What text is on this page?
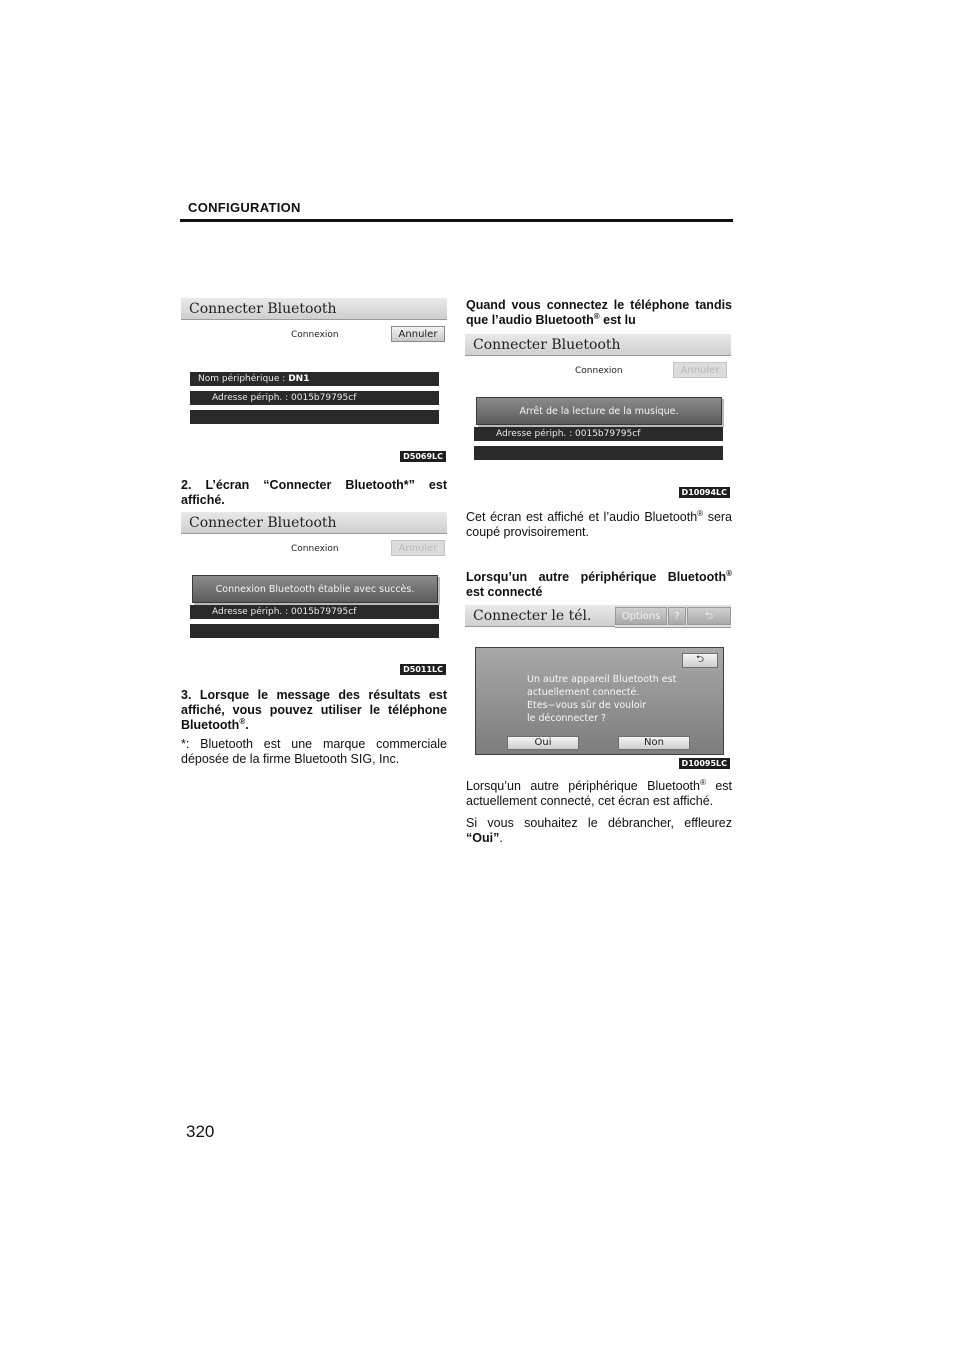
CONFIGURATION
Connecter Bluetooth
Connexion	Annuler
Nom périphérique : DN1
Adresse périph. : 0015b79795cf
D5069LC
2. L’écran “Connecter Bluetooth*” est affiché.
Connecter Bluetooth
Connexion	Annuler
Connexion Bluetooth établie avec succès.
Adresse périph. : 0015b79795cf
D5011LC
3. Lorsque le message des résultats est affiché, vous pouvez utiliser le téléphone Bluetooth®.
*: Bluetooth est une marque commerciale déposée de la firme Bluetooth SIG, Inc.
Quand vous connectez le téléphone tandis que l’audio Bluetooth® est lu
Connecter Bluetooth
Connexion	Annuler
Arrêt de la lecture de la musique.
Adresse périph. : 0015b79795cf
D10094LC
Cet écran est affiché et l’audio Bluetooth® sera coupé provisoirement.
Lorsqu’un autre périphérique Bluetooth®
est connecté
Connecter le tél.	Options	?	⮌
⮌
Un autre appareil Bluetooth est
actuellement connecté.
Etes−vous sûr de vouloir
le déconnecter ?
Oui	Non
D10095LC
Lorsqu’un autre périphérique Bluetooth® est actuellement connecté, cet écran est affiché.
Si vous souhaitez le débrancher, effleurez “Oui”.
320
